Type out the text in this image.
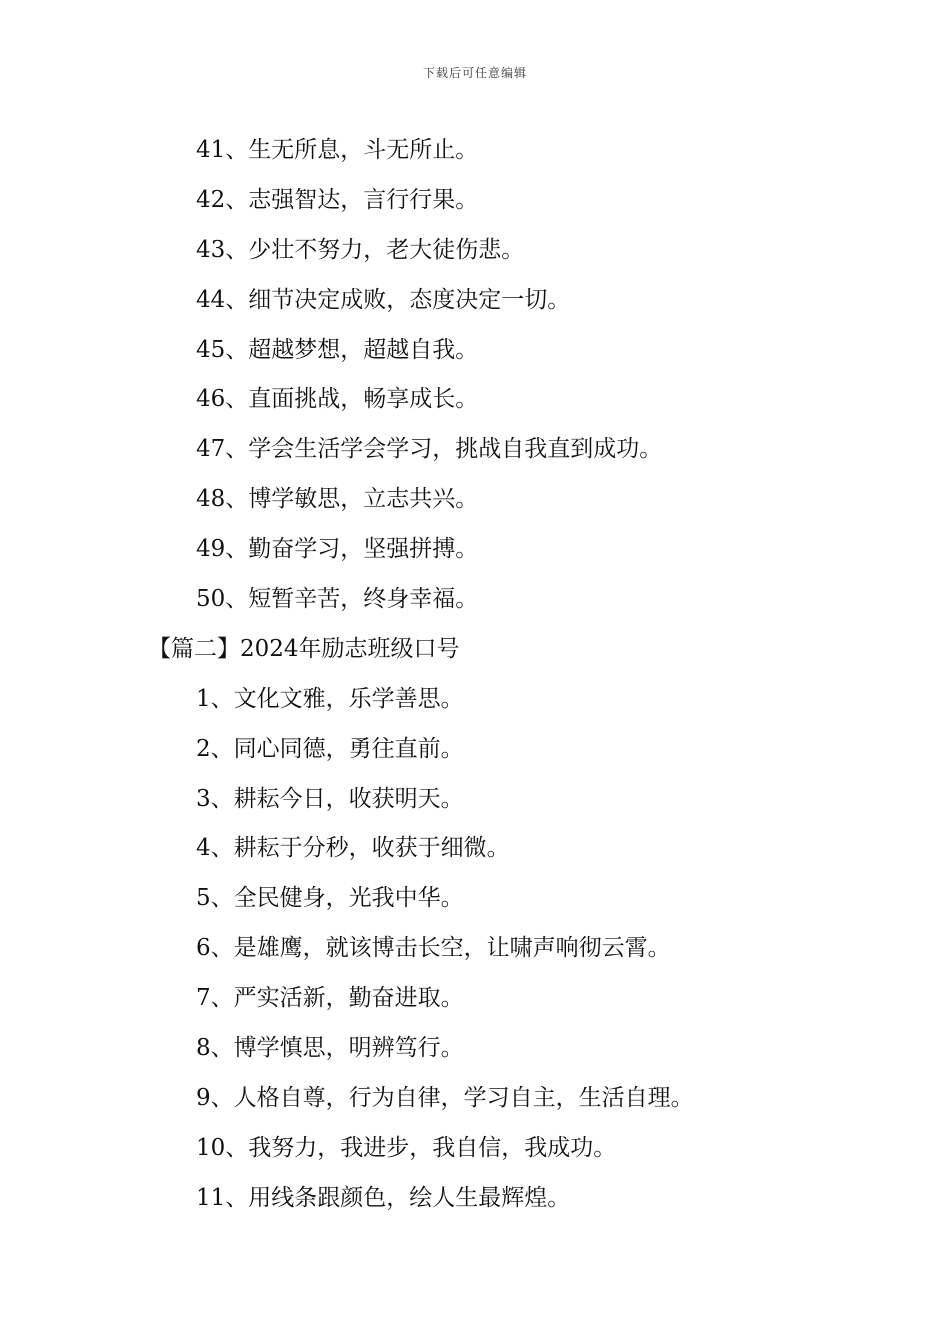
下载后可任意编辑
41、生无所息，斗无所止。
42、志强智达，言行行果。
43、少壮不努力，老大徒伤悲。
44、细节决定成败，态度决定一切。
45、超越梦想，超越自我。
46、直面挑战，畅享成长。
47、学会生活学会学习，挑战自我直到成功。
48、博学敏思，立志共兴。
49、勤奋学习，坚强拼搏。
50、短暂辛苦，终身幸福。
【篇二】2024年励志班级口号
1、文化文雅，乐学善思。
2、同心同德，勇往直前。
3、耕耘今日，收获明天。
4、耕耘于分秒，收获于细微。
5、全民健身，光我中华。
6、是雄鹰，就该博击长空，让啸声响彻云霄。
7、严实活新，勤奋进取。
8、博学慎思，明辨笃行。
9、人格自尊，行为自律，学习自主，生活自理。
10、我努力，我进步，我自信，我成功。
11、用线条跟颜色，绘人生最辉煌。
